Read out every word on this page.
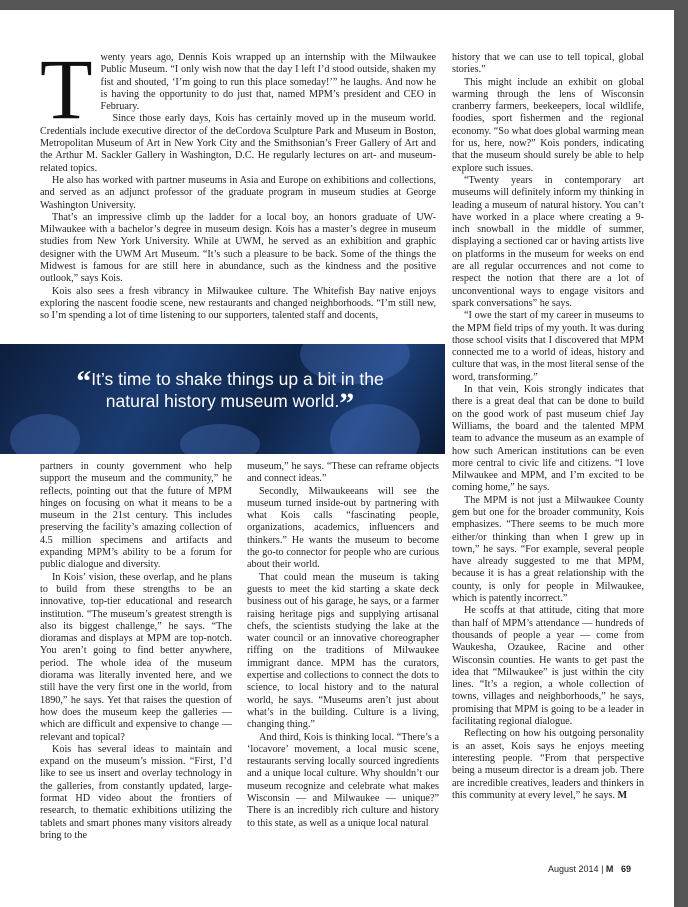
T wenty years ago, Dennis Kois wrapped up an internship with the Milwaukee Public Museum. “I only wish now that the day I left I’d stood outside, shaken my fist and shouted, ‘I’m going to run this place someday!’” he laughs. And now he is having the opportunity to do just that, named MPM’s president and CEO in February.

Since those early days, Kois has certainly moved up in the museum world. Credentials include executive director of the deCordova Sculpture Park and Museum in Boston, Metropolitan Museum of Art in New York City and the Smithsonian’s Freer Gallery of Art and the Arthur M. Sackler Gallery in Washington, D.C. He regularly lectures on art- and museum-related topics.

He also has worked with partner museums in Asia and Europe on exhibitions and collections, and served as an adjunct professor of the graduate program in museum studies at George Washington University.

That’s an impressive climb up the ladder for a local boy, an honors graduate of UW-Milwaukee with a bachelor’s degree in museum design. Kois has a master’s degree in museum studies from New York University. While at UWM, he served as an exhibition and graphic designer with the UWM Art Museum. “It’s such a pleasure to be back. Some of the things the Midwest is famous for are still here in abundance, such as the kindness and the positive outlook,” says Kois.

Kois also sees a fresh vibrancy in Milwaukee culture. The Whitefish Bay native enjoys exploring the nascent foodie scene, new restaurants and changed neighborhoods. “I’m still new, so I’m spending a lot of time listening to our supporters, talented staff and docents,

“It’s time to shake things up a bit in the natural history museum world.”

partners in county government who help support the museum and the community,” he reflects, pointing out that the future of MPM hinges on focusing on what it means to be a museum in the 21st century. This includes preserving the facility’s amazing collection of 4.5 million specimens and artifacts and expanding MPM’s ability to be a forum for public dialogue and diversity.

In Kois’ vision, these overlap, and he plans to build from these strengths to be an innovative, top-tier educational and research institution. “The museum’s greatest strength is also its biggest challenge,” he says. “The dioramas and displays at MPM are top-notch. You aren’t going to find better anywhere, period. The whole idea of the museum diorama was literally invented here, and we still have the very first one in the world, from 1890,” he says. Yet that raises the question of how does the museum keep the galleries — which are difficult and expensive to change — relevant and topical?

Kois has several ideas to maintain and expand on the museum’s mission. “First, I’d like to see us insert and overlay technology in the galleries, from constantly updated, large-format HD video about the frontiers of research, to thematic exhibitions utilizing the tablets and smart phones many visitors already bring to the

museum,” he says. “These can reframe objects and connect ideas.”

Secondly, Milwaukeeans will see the museum turned inside-out by partnering with what Kois calls “fascinating people, organizations, academics, influencers and thinkers.” He wants the museum to become the go-to connector for people who are curious about their world.

That could mean the museum is taking guests to meet the kid starting a skate deck business out of his garage, he says, or a farmer raising heritage pigs and supplying artisanal chefs, the scientists studying the lake at the water council or an innovative choreographer riffing on the traditions of Milwaukee immigrant dance. MPM has the curators, expertise and collections to connect the dots to science, to local history and to the natural world, he says. “Museums aren’t just about what’s in the building. Culture is a living, changing thing.”

And third, Kois is thinking local. “There’s a ‘locavore’ movement, a local music scene, restaurants serving locally sourced ingredients and a unique local culture. Why shouldn’t our museum recognize and celebrate what makes Wisconsin — and Milwaukee — unique?” There is an incredibly rich culture and history to this state, as well as a unique local natural

history that we can use to tell topical, global stories.”

This might include an exhibit on global warming through the lens of Wisconsin cranberry farmers, beekeepers, local wildlife, foodies, sport fishermen and the regional economy. “So what does global warming mean for us, here, now?” Kois ponders, indicating that the museum should surely be able to help explore such issues.

“Twenty years in contemporary art museums will definitely inform my thinking in leading a museum of natural history. You can’t have worked in a place where creating a 9-inch snowball in the middle of summer, displaying a sectioned car or having artists live on platforms in the museum for weeks on end are all regular occurrences and not come to respect the notion that there are a lot of unconventional ways to engage visitors and spark conversations” he says.

“I owe the start of my career in museums to the MPM field trips of my youth. It was during those school visits that I discovered that MPM connected me to a world of ideas, history and culture that was, in the most literal sense of the word, transforming.”

In that vein, Kois strongly indicates that there is a great deal that can be done to build on the good work of past museum chief Jay Williams, the board and the talented MPM team to advance the museum as an example of how such American institutions can be even more central to civic life and citizens. “I love Milwaukee and MPM, and I’m excited to be coming home,” he says.

The MPM is not just a Milwaukee County gem but one for the broader community, Kois emphasizes. “There seems to be much more either/or thinking than when I grew up in town,” he says. “For example, several people have already suggested to me that MPM, because it is has a great relationship with the county, is only for people in Milwaukee, which is patently incorrect.”

He scoffs at that attitude, citing that more than half of MPM’s attendance — hundreds of thousands of people a year — come from Waukesha, Ozaukee, Racine and other Wisconsin counties. He wants to get past the idea that “Milwaukee” is just within the city lines. “It’s a region, a whole collection of towns, villages and neighborhoods,” he says, promising that MPM is going to be a leader in facilitating regional dialogue.

Reflecting on how his outgoing personality is an asset, Kois says he enjoys meeting interesting people. “From that perspective being a museum director is a dream job. There are incredible creatives, leaders and thinkers in this community at every level,” he says. M

August 2014 | M 69
